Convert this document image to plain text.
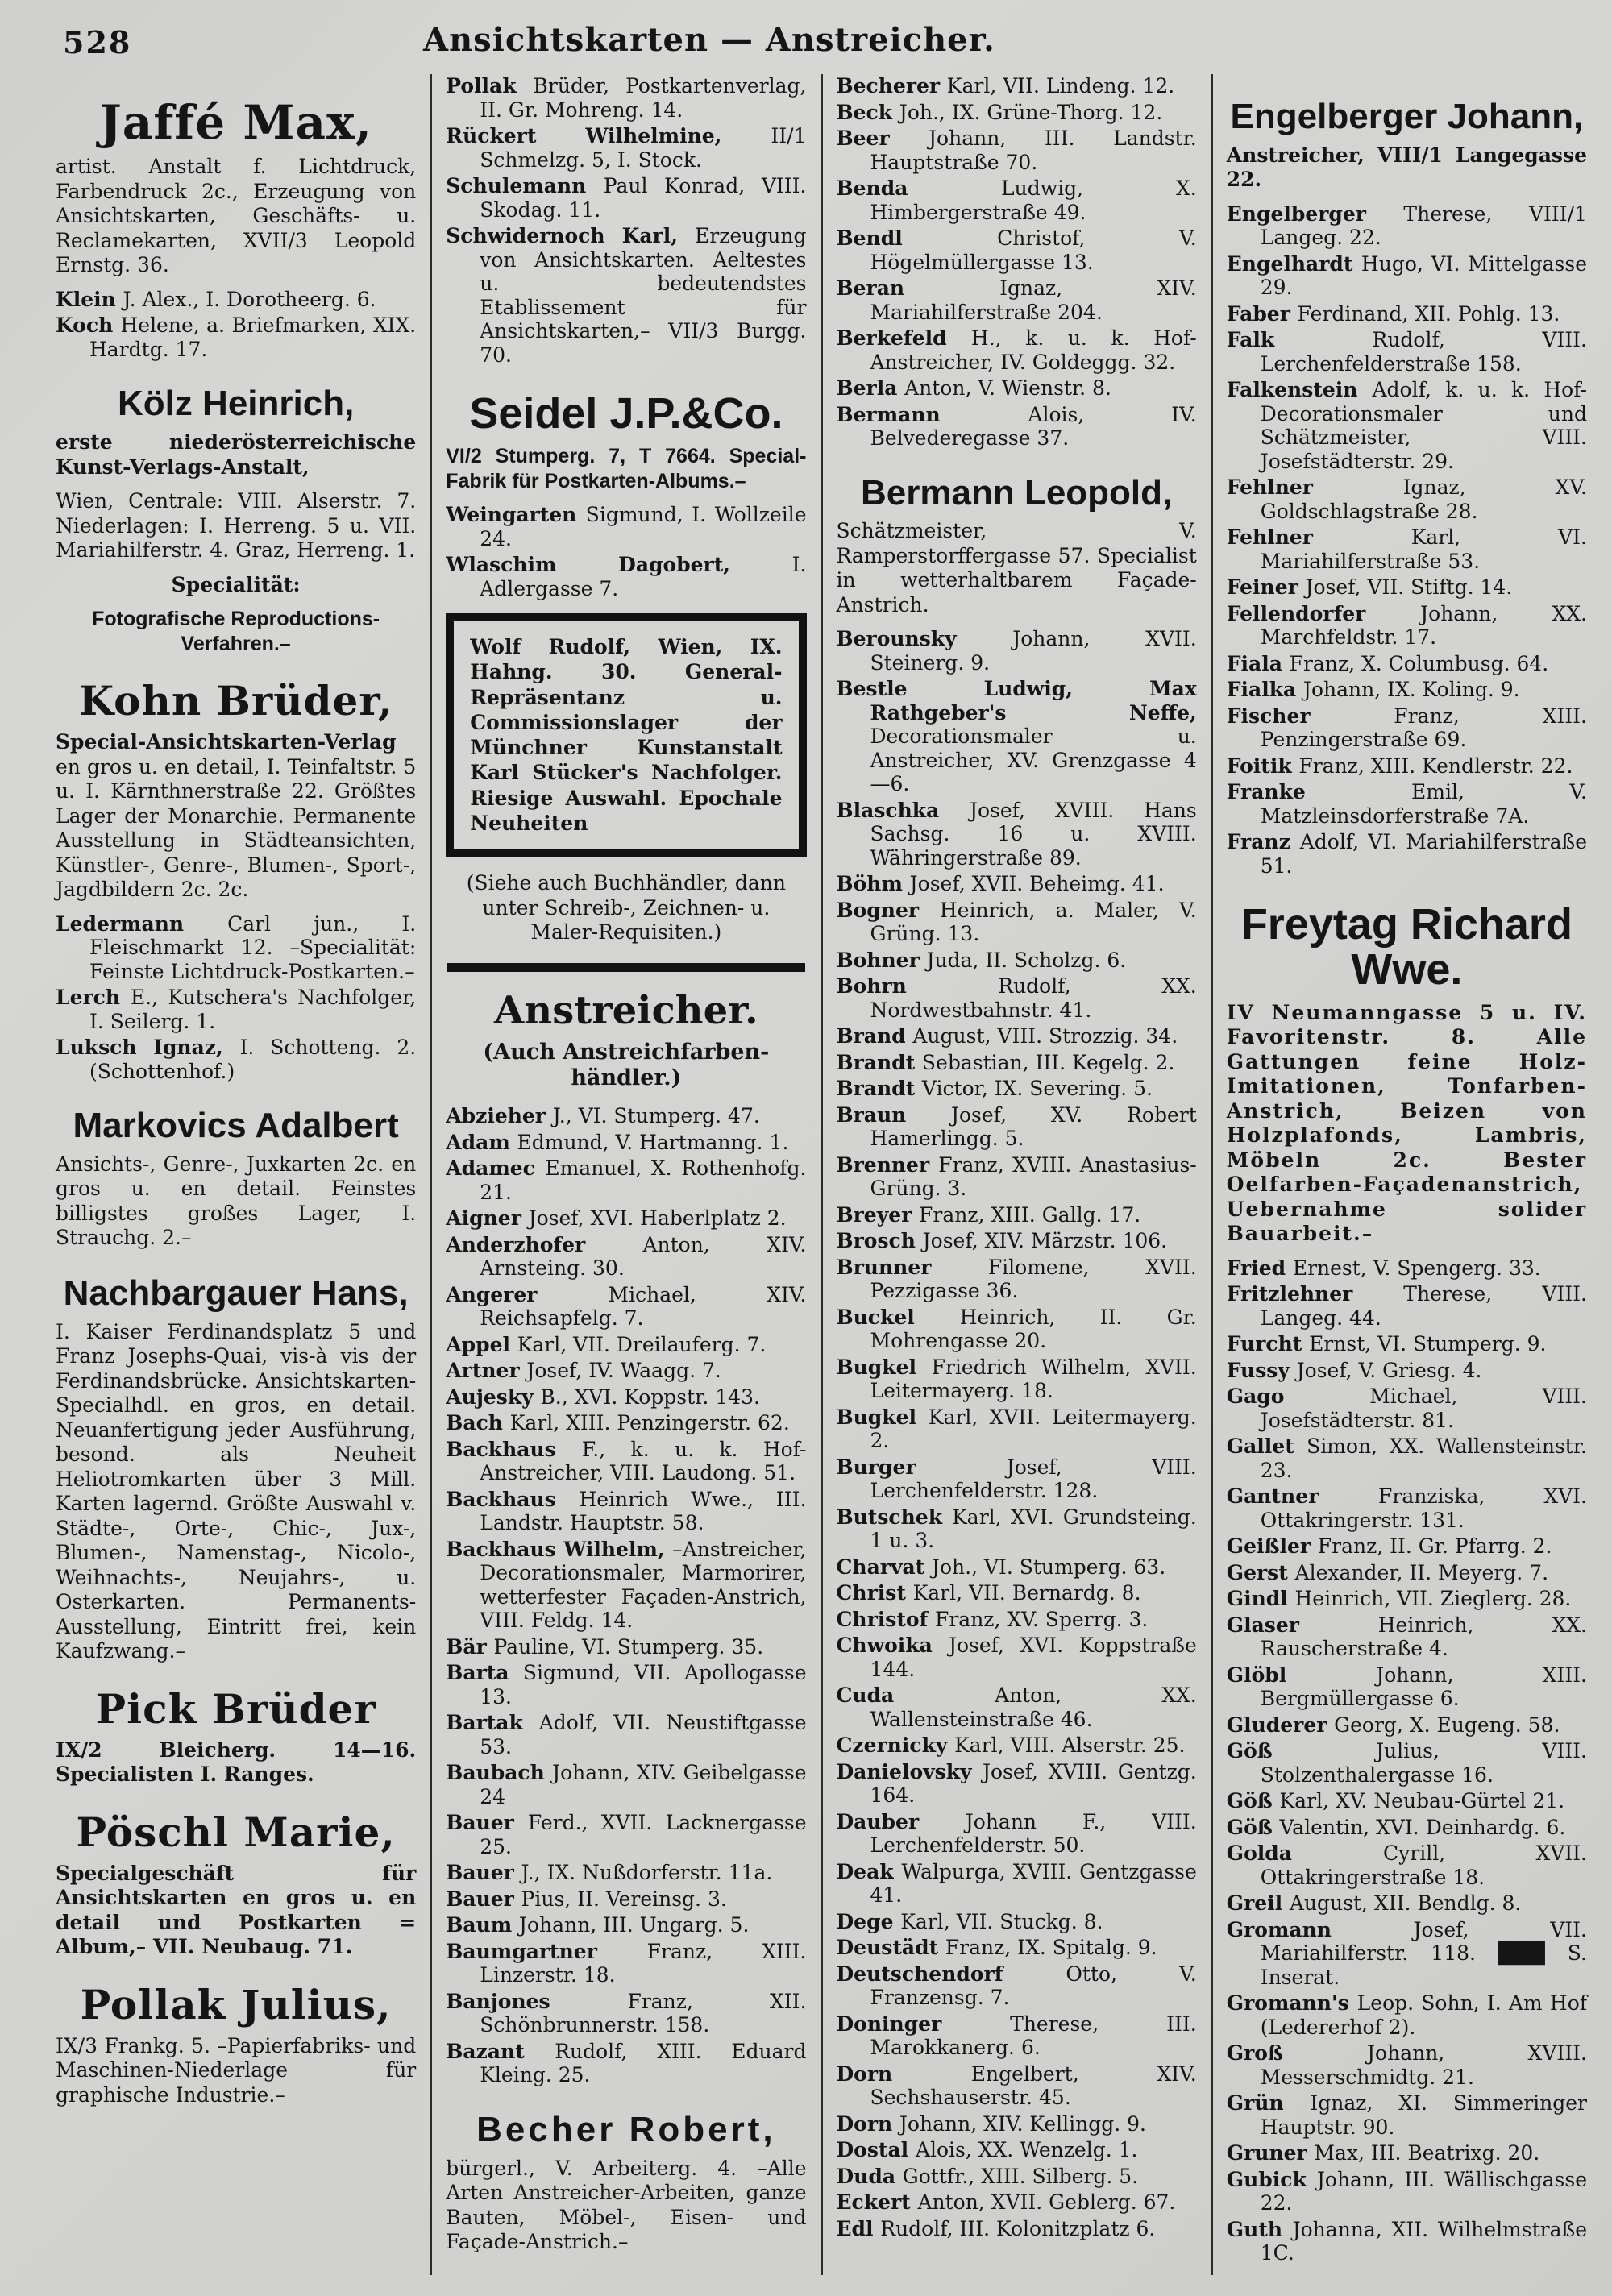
528	Ansichtskarten — Anstreicher.
Jaffé Max,
artist. Anstalt f. Lichtdruck, Farbendruck 2c., Erzeugung von Ansichtskarten, Geschäfts- u. Reclamekarten, XVII/3 Leopold Ernstg. 36.
Klein J. Alex., I. Dorotheerg. 6.
Koch Helene, a. Briefmarken, XIX. Hardtg. 17.
Kölz Heinrich,
erste niederösterreichische Kunst-Verlags-Anstalt,
Wien, Centrale: VIII. Alserstr. 7. Niederlagen: I. Herreng. 5 u. VII. Mariahilferstr. 4. Graz, Herreng. 1.
Specialität:
Fotografische Reproductions-Verfahren.–
Kohn Brüder,
Special-Ansichtskarten-Verlag en gros u. en detail, I. Teinfaltstr. 5 u. I. Kärnthnerstraße 22. Größtes Lager der Monarchie. Permanente Ausstellung in Städteansichten, Künstler-, Genre-, Blumen-, Sport-, Jagdbildern 2c. 2c.
Ledermann Carl jun., I. Fleischmarkt 12. –Specialität: Feinste Lichtdruck-Postkarten.–
Lerch E., Kutschera's Nachfolger, I. Seilerg. 1.
Luksch Ignaz, I. Schotteng. 2. (Schottenhof.)
Markovics Adalbert
Ansichts-, Genre-, Juxkarten 2c. en gros u. en detail. Feinstes billigstes großes Lager, I. Strauchg. 2.–
Nachbargauer Hans,
I. Kaiser Ferdinandsplatz 5 und Franz Josephs-Quai, vis-à vis der Ferdinandsbrücke. Ansichtskarten-Specialhdl. en gros, en detail. Neuanfertigung jeder Ausführung, besond. als Neuheit Heliotromkarten über 3 Mill. Karten lagernd. Größte Auswahl v. Städte-, Orte-, Chic-, Jux-, Blumen-, Namenstag-, Nicolo-, Weihnachts-, Neujahrs-, u. Osterkarten. Permanents-Ausstellung, Eintritt frei, kein Kaufzwang.–
Pick Brüder
IX/2 Bleicherg. 14—16. Specialisten I. Ranges.
Pöschl Marie,
Specialgeschäft für Ansichtskarten en gros u. en detail und Postkarten = Album,– VII. Neubaug. 71.
Pollak Julius,
IX/3 Frankg. 5. –Papierfabriks- und Maschinen-Niederlage für graphische Industrie.–
Pollak Brüder, Postkartenverlag, II. Gr. Mohreng. 14.
Rückert Wilhelmine, II/1 Schmelzg. 5, I. Stock.
Schulemann Paul Konrad, VIII. Skodag. 11.
Schwidernoch Karl, Erzeugung von Ansichtskarten. Aeltestes u. bedeutendstes Etablissement für Ansichtskarten,– VII/3 Burgg. 70.
Seidel J.P.&Co.
VI/2 Stumperg. 7, T 7664. Special-Fabrik für Postkarten-Albums.–
Weingarten Sigmund, I. Wollzeile 24.
Wlaschim Dagobert, I. Adlergasse 7.
Wolf Rudolf, Wien, IX. Hahng. 30. General-Repräsentanz u. Commissionslager der Münchner Kunstanstalt Karl Stücker's Nachfolger. Riesige Auswahl. Epochale Neuheiten
(Siehe auch Buchhändler, dann unter Schreib-, Zeichnen- u. Maler-Requisiten.)
Anstreicher.
(Auch Anstreichfarbenhändler.)
Abzieher J., VI. Stumperg. 47.
Adam Edmund, V. Hartmanng. 1.
Adamec Emanuel, X. Rothenhofg. 21.
Aigner Josef, XVI. Haberlplatz 2.
Anderzhofer Anton, XIV. Arnsteing. 30.
Angerer Michael, XIV. Reichsapfelg. 7.
Appel Karl, VII. Dreilauferg. 7.
Artner Josef, IV. Waagg. 7.
Aujesky B., XVI. Koppstr. 143.
Bach Karl, XIII. Penzingerstr. 62.
Backhaus F., k. u. k. Hof-Anstreicher, VIII. Laudong. 51.
Backhaus Heinrich Wwe., III. Landstr. Hauptstr. 58.
Backhaus Wilhelm, –Anstreicher, Decorationsmaler, Marmorirer, wetterfester Façaden-Anstrich, VIII. Feldg. 14.
Bär Pauline, VI. Stumperg. 35.
Barta Sigmund, VII. Apollogasse 13.
Bartak Adolf, VII. Neustiftgasse 53.
Baubach Johann, XIV. Geibelgasse 24
Bauer Ferd., XVII. Lacknergasse 25.
Bauer J., IX. Nußdorferstr. 11a.
Bauer Pius, II. Vereinsg. 3.
Baum Johann, III. Ungarg. 5.
Baumgartner Franz, XIII. Linzerstr. 18.
Banjones Franz, XII. Schönbrunnerstr. 158.
Bazant Rudolf, XIII. Eduard Kleing. 25.
Becher Robert,
bürgerl., V. Arbeiterg. 4. –Alle Arten Anstreicher-Arbeiten, ganze Bauten, Möbel-, Eisen- und Façade-Anstrich.–
Becherer Karl, VII. Lindeng. 12.
Beck Joh., IX. Grüne-Thorg. 12.
Beer Johann, III. Landstr. Hauptstraße 70.
Benda Ludwig, X. Himbergerstraße 49.
Bendl Christof, V. Högelmüllergasse 13.
Beran Ignaz, XIV. Mariahilferstraße 204.
Berkefeld H., k. u. k. Hof-Anstreicher, IV. Goldeggg. 32.
Berla Anton, V. Wienstr. 8.
Bermann Alois, IV. Belvederegasse 37.
Bermann Leopold,
Schätzmeister, V. Ramperstorffergasse 57. Specialist in wetterhaltbarem Façade-Anstrich.
Berounsky Johann, XVII. Steinerg. 9.
Bestle Ludwig, Max Rathgeber's Neffe, Decorationsmaler u. Anstreicher, XV. Grenzgasse 4—6.
Blaschka Josef, XVIII. Hans Sachsg. 16 u. XVIII. Währingerstraße 89.
Böhm Josef, XVII. Beheimg. 41.
Bogner Heinrich, a. Maler, V. Grüng. 13.
Bohner Juda, II. Scholzg. 6.
Bohrn Rudolf, XX. Nordwestbahnstr. 41.
Brand August, VIII. Strozzig. 34.
Brandt Sebastian, III. Kegelg. 2.
Brandt Victor, IX. Severing. 5.
Braun Josef, XV. Robert Hamerlingg. 5.
Brenner Franz, XVIII. Anastasius-Grüng. 3.
Breyer Franz, XIII. Gallg. 17.
Brosch Josef, XIV. Märzstr. 106.
Brunner Filomene, XVII. Pezzigasse 36.
Buckel Heinrich, II. Gr. Mohrengasse 20.
Bugkel Friedrich Wilhelm, XVII. Leitermayerg. 18.
Bugkel Karl, XVII. Leitermayerg. 2.
Burger Josef, VIII. Lerchenfelderstr. 128.
Butschek Karl, XVI. Grundsteing. 1 u. 3.
Charvat Joh., VI. Stumperg. 63.
Christ Karl, VII. Bernardg. 8.
Christof Franz, XV. Sperrg. 3.
Chwoika Josef, XVI. Koppstraße 144.
Cuda Anton, XX. Wallensteinstraße 46.
Czernicky Karl, VIII. Alserstr. 25.
Danielovsky Josef, XVIII. Gentzg. 164.
Dauber Johann F., VIII. Lerchenfelderstr. 50.
Deak Walpurga, XVIII. Gentzgasse 41.
Dege Karl, VII. Stuckg. 8.
Deustädt Franz, IX. Spitalg. 9.
Deutschendorf Otto, V. Franzensg. 7.
Doninger Therese, III. Marokkanerg. 6.
Dorn Engelbert, XIV. Sechshauserstr. 45.
Dorn Johann, XIV. Kellingg. 9.
Dostal Alois, XX. Wenzelg. 1.
Duda Gottfr., XIII. Silberg. 5.
Eckert Anton, XVII. Geblerg. 67.
Edl Rudolf, III. Kolonitzplatz 6.
Engelberger Johann,
Anstreicher, VIII/1 Langegasse 22.
Engelberger Therese, VIII/1 Langeg. 22.
Engelhardt Hugo, VI. Mittelgasse 29.
Faber Ferdinand, XII. Pohlg. 13.
Falk Rudolf, VIII. Lerchenfelderstraße 158.
Falkenstein Adolf, k. u. k. Hof-Decorationsmaler und Schätzmeister, VIII. Josefstädterstr. 29.
Fehlner Ignaz, XV. Goldschlagstraße 28.
Fehlner Karl, VI. Mariahilferstraße 53.
Feiner Josef, VII. Stiftg. 14.
Fellendorfer Johann, XX. Marchfeldstr. 17.
Fiala Franz, X. Columbusg. 64.
Fialka Johann, IX. Koling. 9.
Fischer Franz, XIII. Penzingerstraße 69.
Foitik Franz, XIII. Kendlerstr. 22.
Franke Emil, V. Matzleinsdorferstraße 7A.
Franz Adolf, VI. Mariahilferstraße 51.
Freytag Richard Wwe.
IV Neumanngasse 5 u. IV. Favoritenstr. 8. Alle Gattungen feine Holz-Imitationen, Tonfarben-Anstrich, Beizen von Holzplafonds, Lambris, Möbeln 2c. Bester Oelfarben-Façadenanstrich, Uebernahme solider Bauarbeit.–
Fried Ernest, V. Spengerg. 33.
Fritzlehner Therese, VIII. Langeg. 44.
Furcht Ernst, VI. Stumperg. 9.
Fussy Josef, V. Griesg. 4.
Gago Michael, VIII. Josefstädterstr. 81.
Gallet Simon, XX. Wallensteinstr. 23.
Gantner Franziska, XVI. Ottakringerstr. 131.
Geißler Franz, II. Gr. Pfarrg. 2.
Gerst Alexander, II. Meyerg. 7.
Gindl Heinrich, VII. Zieglerg. 28.
Glaser Heinrich, XX. Rauscherstraße 4.
Glöbl Johann, XIII. Bergmüllergasse 6.
Gluderer Georg, X. Eugeng. 58.
Göß Julius, VIII. Stolzenthalergasse 16.
Göß Karl, XV. Neubau-Gürtel 21.
Göß Valentin, XVI. Deinhardg. 6.
Golda Cyrill, XVII. Ottakringerstraße 18.
Greil August, XII. Bendlg. 8.
Gromann Josef, VII. Mariahilferstr. 118. ███ S. Inserat.
Gromann's Leop. Sohn, I. Am Hof (Ledererhof 2).
Groß Johann, XVIII. Messerschmidtg. 21.
Grün Ignaz, XI. Simmeringer Hauptstr. 90.
Gruner Max, III. Beatrixg. 20.
Gubick Johann, III. Wällischgasse 22.
Guth Johanna, XII. Wilhelmstraße 1C.
